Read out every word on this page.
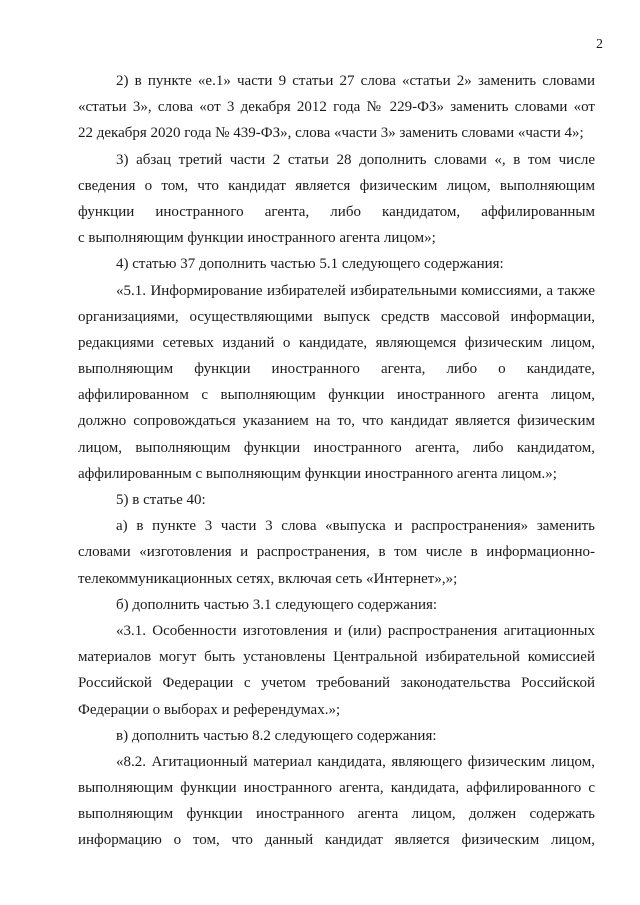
2

2) в пункте «е.1» части 9 статьи 27 слова «статьи 2» заменить словами
«статьи 3», слова «от 3 декабря 2012 года № 229-ФЗ» заменить словами «от
22 декабря 2020 года № 439-ФЗ», слова «части 3» заменить словами «части 4»;

3) абзац третий части 2 статьи 28 дополнить словами «, в том числе
сведения о том, что кандидат является физическим лицом, выполняющим
функции иностранного агента, либо кандидатом, аффилированным
с выполняющим функции иностранного агента лицом»;

4) статью 37 дополнить частью 5.1 следующего содержания:

«5.1. Информирование избирателей избирательными комиссиями, а также
организациями, осуществляющими выпуск средств массовой информации,
редакциями сетевых изданий о кандидате, являющемся физическим лицом,
выполняющим функции иностранного агента, либо о кандидате,
аффилированном с выполняющим функции иностранного агента лицом,
должно сопровождаться указанием на то, что кандидат является физическим
лицом, выполняющим функции иностранного агента, либо кандидатом,
аффилированным с выполняющим функции иностранного агента лицом.»;

5) в статье 40:

а) в пункте 3 части 3 слова «выпуска и распространения» заменить
словами «изготовления и распространения, в том числе в информационно-
телекоммуникационных сетях, включая сеть «Интернет»,»;

б) дополнить частью 3.1 следующего содержания:

«3.1. Особенности изготовления и (или) распространения агитационных
материалов могут быть установлены Центральной избирательной комиссией
Российской Федерации с учетом требований законодательства Российской
Федерации о выборах и референдумах.»;

в) дополнить частью 8.2 следующего содержания:

«8.2. Агитационный материал кандидата, являющего физическим лицом,
выполняющим функции иностранного агента, кандидата, аффилированного с
выполняющим функции иностранного агента лицом, должен содержать
информацию о том, что данный кандидат является физическим лицом,
